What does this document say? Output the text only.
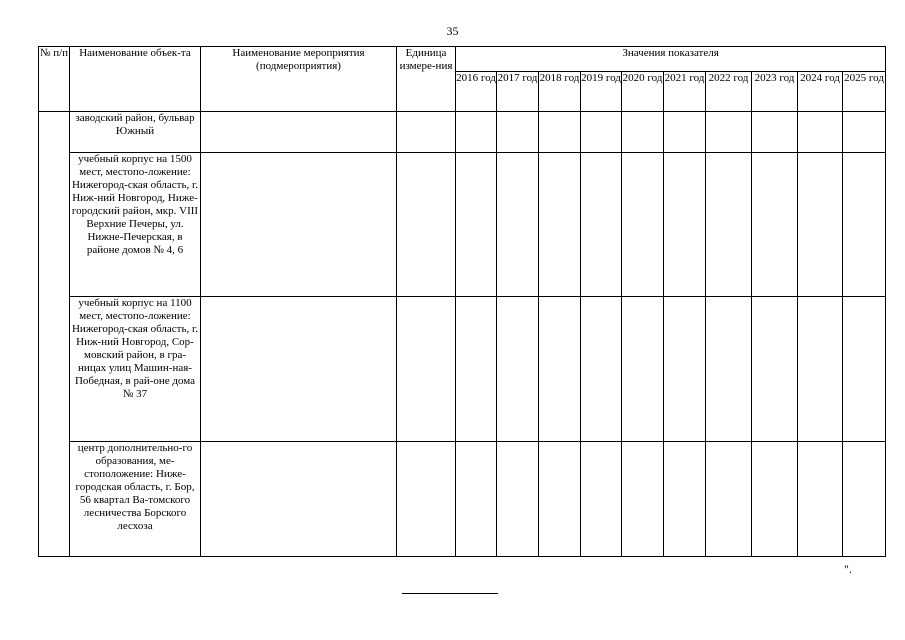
35
№ п/п	Наименование объек-та	Наименование мероприятия (подмероприятия)	Единица измере-ния	Значения показателя									
				2016 год	2017 год	2018 год	2019 год	2020 год	2021 год	2022 год	2023 год	2024 год	2025 год
	заводский район, бульвар Южный												
	учебный корпус на 1500 мест, местопо-ложение: Нижегород-ская область, г. Ниж-ний Новгород, Ниже-городский район, мкр. VIII Верхние Печеры, ул. Нижне-Печерская, в районе домов № 4, 6												
	учебный корпус на 1100 мест, местопо-ложение: Нижегород-ская область, г. Ниж-ний Новгород, Сор-мовский район, в гра-ницах улиц Машин-ная-Победная, в рай-оне дома № 37												
	центр дополнительно-го образования, ме-стоположение: Ниже-городская область, г. Бор, 56 квартал Ва-томского лесничества Борского лесхоза												
".
